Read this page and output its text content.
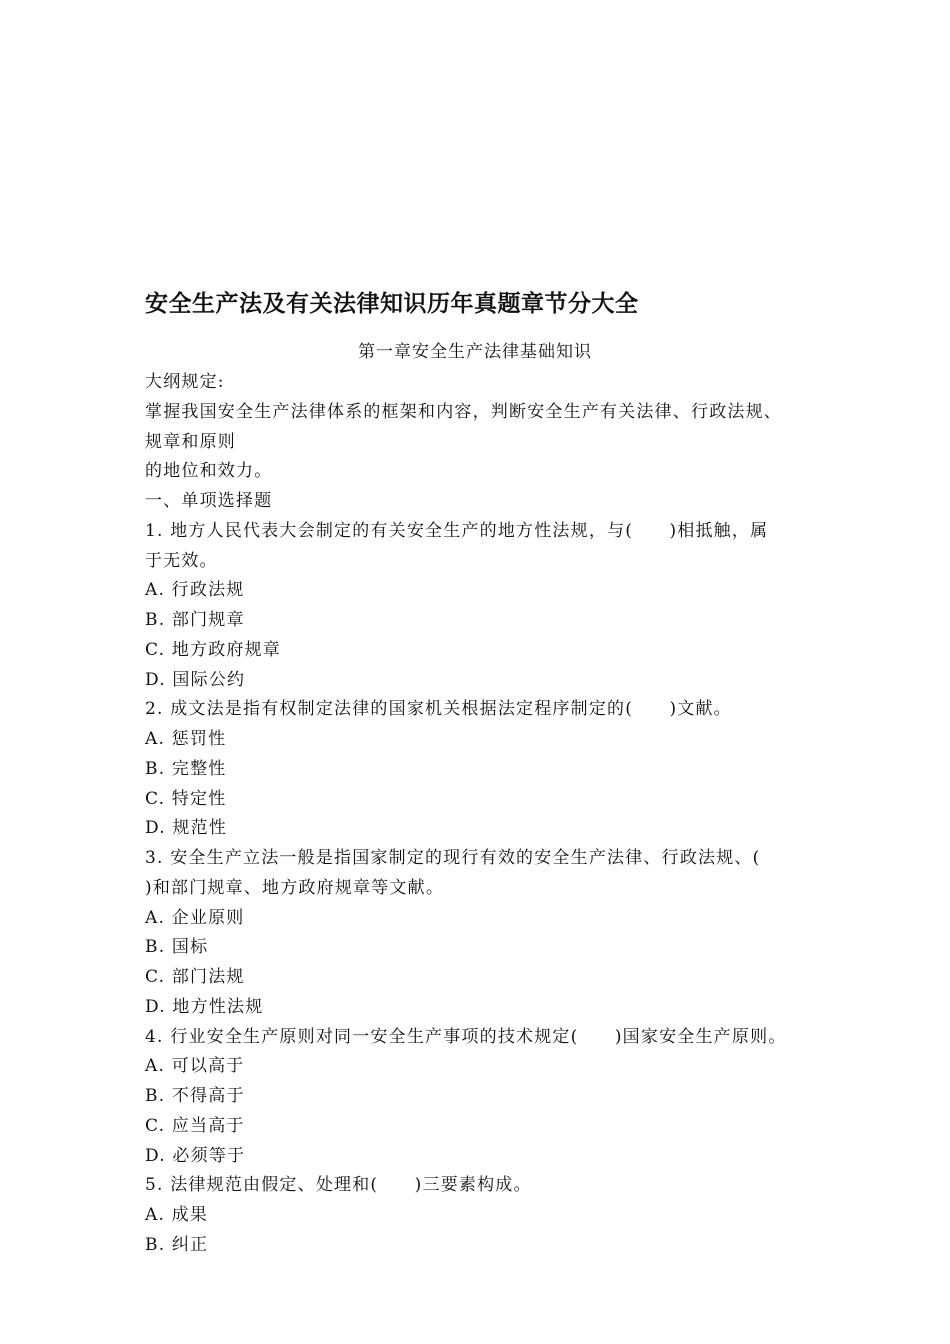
安全生产法及有关法律知识历年真题章节分大全
第一章安全生产法律基础知识
大纲规定:
掌握我国安全生产法律体系的框架和内容，判断安全生产有关法律、行政法规、
规章和原则
的地位和效力。
一、单项选择题
1. 地方人民代表大会制定的有关安全生产的地方性法规，与(　　)相抵触，属
于无效。
A. 行政法规
B. 部门规章
C. 地方政府规章
D. 国际公约
2. 成文法是指有权制定法律的国家机关根据法定程序制定的(　　)文献。
A. 惩罚性
B. 完整性
C. 特定性
D. 规范性
3. 安全生产立法一般是指国家制定的现行有效的安全生产法律、行政法规、(
)和部门规章、地方政府规章等文献。
A. 企业原则
B. 国标
C. 部门法规
D. 地方性法规
4. 行业安全生产原则对同一安全生产事项的技术规定(　　)国家安全生产原则。
A. 可以高于
B. 不得高于
C. 应当高于
D. 必须等于
5. 法律规范由假定、处理和(　　)三要素构成。
A. 成果
B. 纠正
